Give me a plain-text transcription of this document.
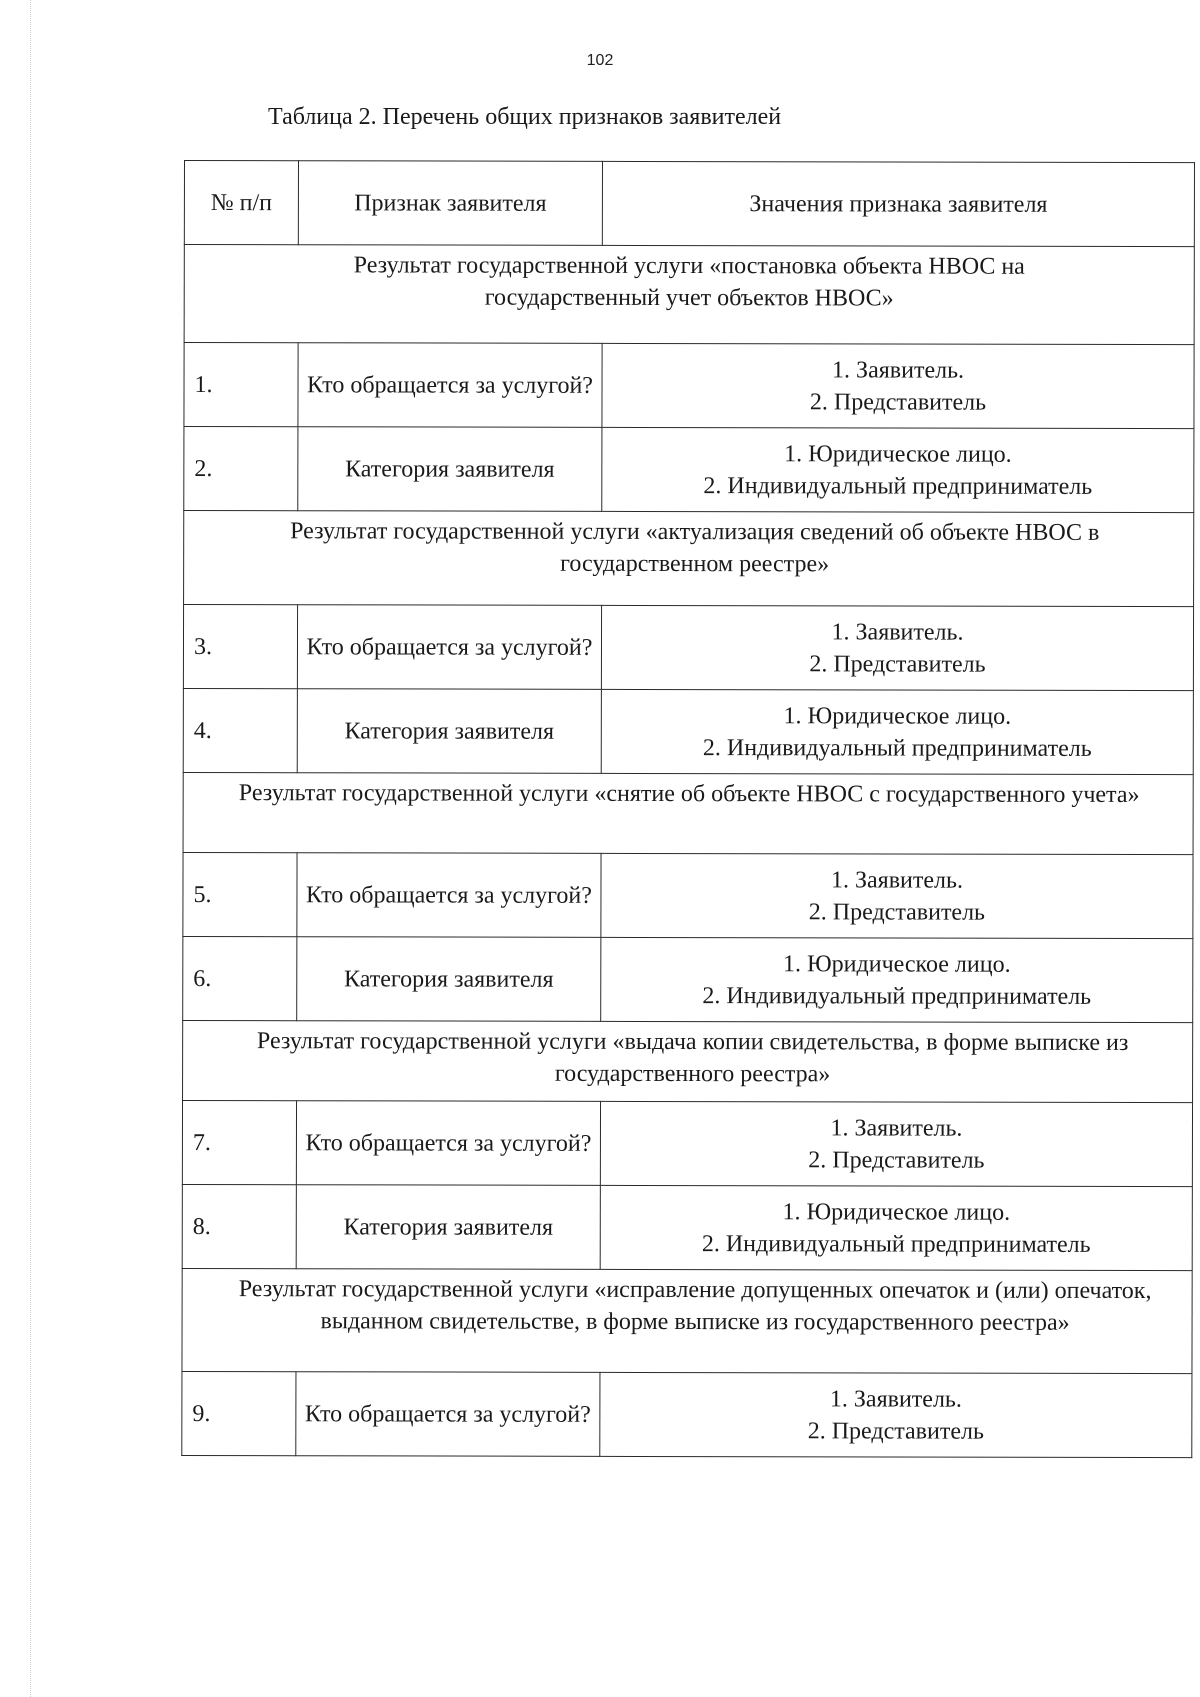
102
Таблица 2. Перечень общих признаков заявителей
№ п/п	Признак заявителя	Значения признака заявителя
Результат государственной услуги «постановка объекта НВОС на государственный учет объектов НВОС»		
1.	Кто обращается за услугой?	1. Заявитель.
2. Представитель

2.	Категория заявителя	1. Юридическое лицо.
2. Индивидуальный предприниматель

Результат государственной услуги «актуализация сведений об объекте НВОС в государственном реестре»		
3.	Кто обращается за услугой?	1. Заявитель.
2. Представитель

4.	Категория заявителя	1. Юридическое лицо.
2. Индивидуальный предприниматель

Результат государственной услуги «снятие об объекте НВОС с государственного учета»		
5.	Кто обращается за услугой?	1. Заявитель.
2. Представитель

6.	Категория заявителя	1. Юридическое лицо.
2. Индивидуальный предприниматель

Результат государственной услуги «выдача копии свидетельства, в форме выписке из государственного реестра»		
7.	Кто обращается за услугой?	1. Заявитель.
2. Представитель

8.	Категория заявителя	1. Юридическое лицо.
2. Индивидуальный предприниматель

Результат государственной услуги «исправление допущенных опечаток и (или) опечаток, выданном свидетельстве, в форме выписке из государственного реестра»		
9.	Кто обращается за услугой?	1. Заявитель.
2. Представитель
